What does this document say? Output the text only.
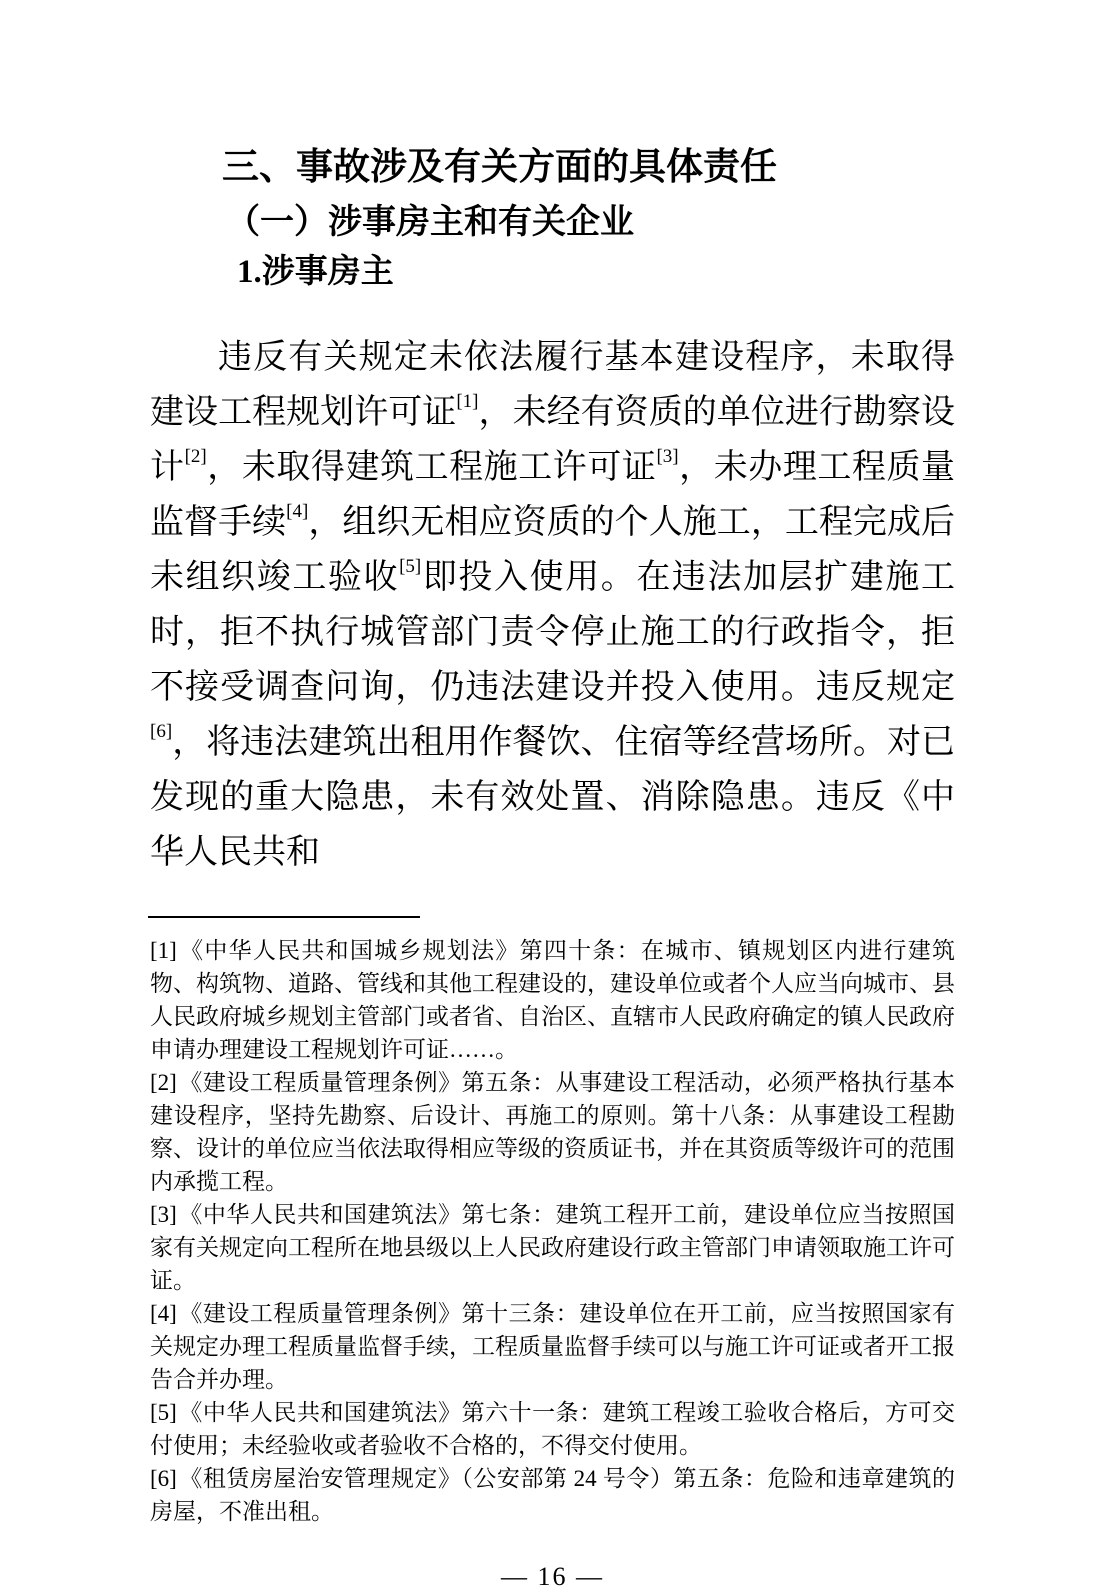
三、事故涉及有关方面的具体责任
（一）涉事房主和有关企业
1.涉事房主

违反有关规定未依法履行基本建设程序，未取得建设工程规划许可证[1]，未经有资质的单位进行勘察设计[2]，未取得建筑工程施工许可证[3]，未办理工程质量监督手续[4]，组织无相应资质的个人施工，工程完成后未组织竣工验收[5]即投入使用。在违法加层扩建施工时，拒不执行城管部门责令停止施工的行政指令，拒不接受调查问询，仍违法建设并投入使用。违反规定[6]，将违法建筑出租用作餐饮、住宿等经营场所。对已发现的重大隐患，未有效处置、消除隐患。违反《中华人民共和

[1]《中华人民共和国城乡规划法》第四十条：在城市、镇规划区内进行建筑物、构筑物、道路、管线和其他工程建设的，建设单位或者个人应当向城市、县人民政府城乡规划主管部门或者省、自治区、直辖市人民政府确定的镇人民政府申请办理建设工程规划许可证……。
[2]《建设工程质量管理条例》第五条：从事建设工程活动，必须严格执行基本建设程序，坚持先勘察、后设计、再施工的原则。第十八条：从事建设工程勘察、设计的单位应当依法取得相应等级的资质证书，并在其资质等级许可的范围内承揽工程。
[3]《中华人民共和国建筑法》第七条：建筑工程开工前，建设单位应当按照国家有关规定向工程所在地县级以上人民政府建设行政主管部门申请领取施工许可证。
[4]《建设工程质量管理条例》第十三条：建设单位在开工前，应当按照国家有关规定办理工程质量监督手续，工程质量监督手续可以与施工许可证或者开工报告合并办理。
[5]《中华人民共和国建筑法》第六十一条：建筑工程竣工验收合格后，方可交付使用；未经验收或者验收不合格的，不得交付使用。
[6]《租赁房屋治安管理规定》（公安部第 24 号令）第五条：危险和违章建筑的房屋，不准出租。
— 16 —
